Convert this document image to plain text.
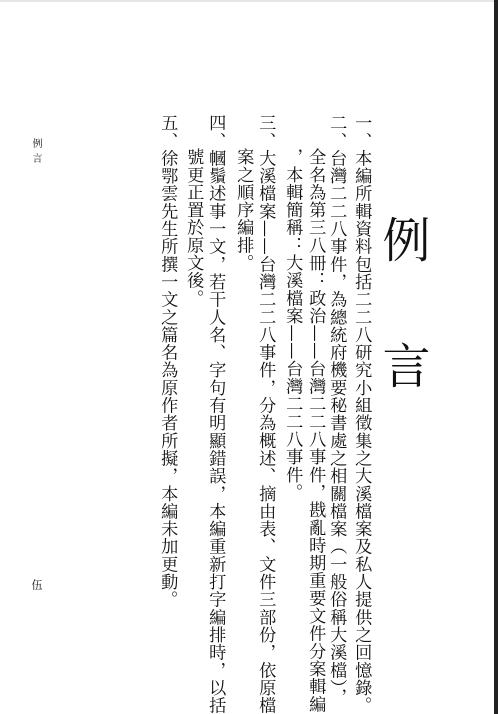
例言
一、本編所輯資料包括二二八研究小組徵集之大溪檔案及私人提供之回憶錄。
二、台灣二二八事件，為總統府機要秘書處之相關檔案（一般俗稱大溪檔），
全名為第三八冊：政治——台灣二二八事件，戡亂時期重要文件分案輯編
，本輯簡稱：大溪檔案——台灣二二八事件。
三、大溪檔案——台灣二二八事件，分為概述、摘由表、文件三部份，依原檔
案之順序編排。
四、幗鬚述事一文，若干人名、字句有明顯錯誤，本編重新打字編排時，以括
號更正置於原文後。
五、徐鄂雲先生所撰一文之篇名為原作者所擬，本編未加更動。
例言
伍
